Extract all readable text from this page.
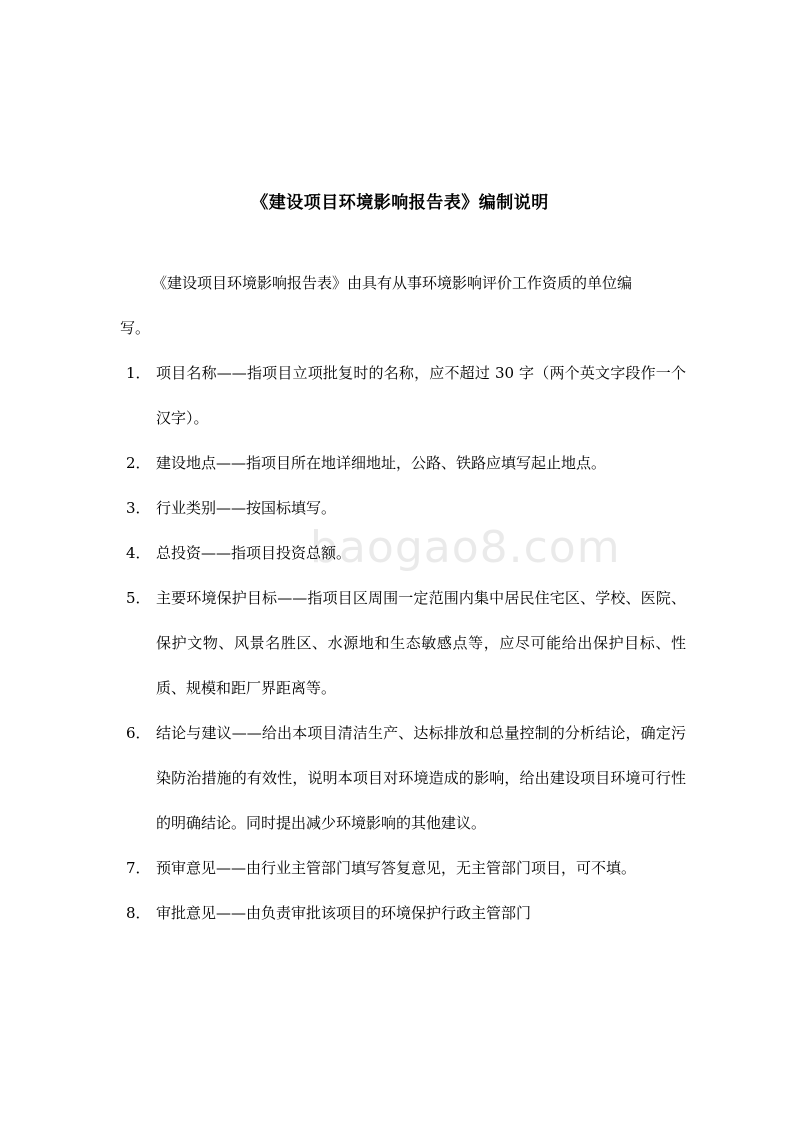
《建设项目环境影响报告表》编制说明
《建设项目环境影响报告表》由具有从事环境影响评价工作资质的单位编
写。
1． 项目名称——指项目立项批复时的名称，应不超过 30 字（两个英文字段作一个汉字）。
2． 建设地点——指项目所在地详细地址，公路、铁路应填写起止地点。
3． 行业类别——按国标填写。
4． 总投资——指项目投资总额。
5． 主要环境保护目标——指项目区周围一定范围内集中居民住宅区、学校、医院、保护文物、风景名胜区、水源地和生态敏感点等，应尽可能给出保护目标、性质、规模和距厂界距离等。
6． 结论与建议——给出本项目清洁生产、达标排放和总量控制的分析结论，确定污染防治措施的有效性，说明本项目对环境造成的影响，给出建设项目环境可行性的明确结论。同时提出减少环境影响的其他建议。
7． 预审意见——由行业主管部门填写答复意见，无主管部门项目，可不填。
8． 审批意见——由负责审批该项目的环境保护行政主管部门
baogao8.com
